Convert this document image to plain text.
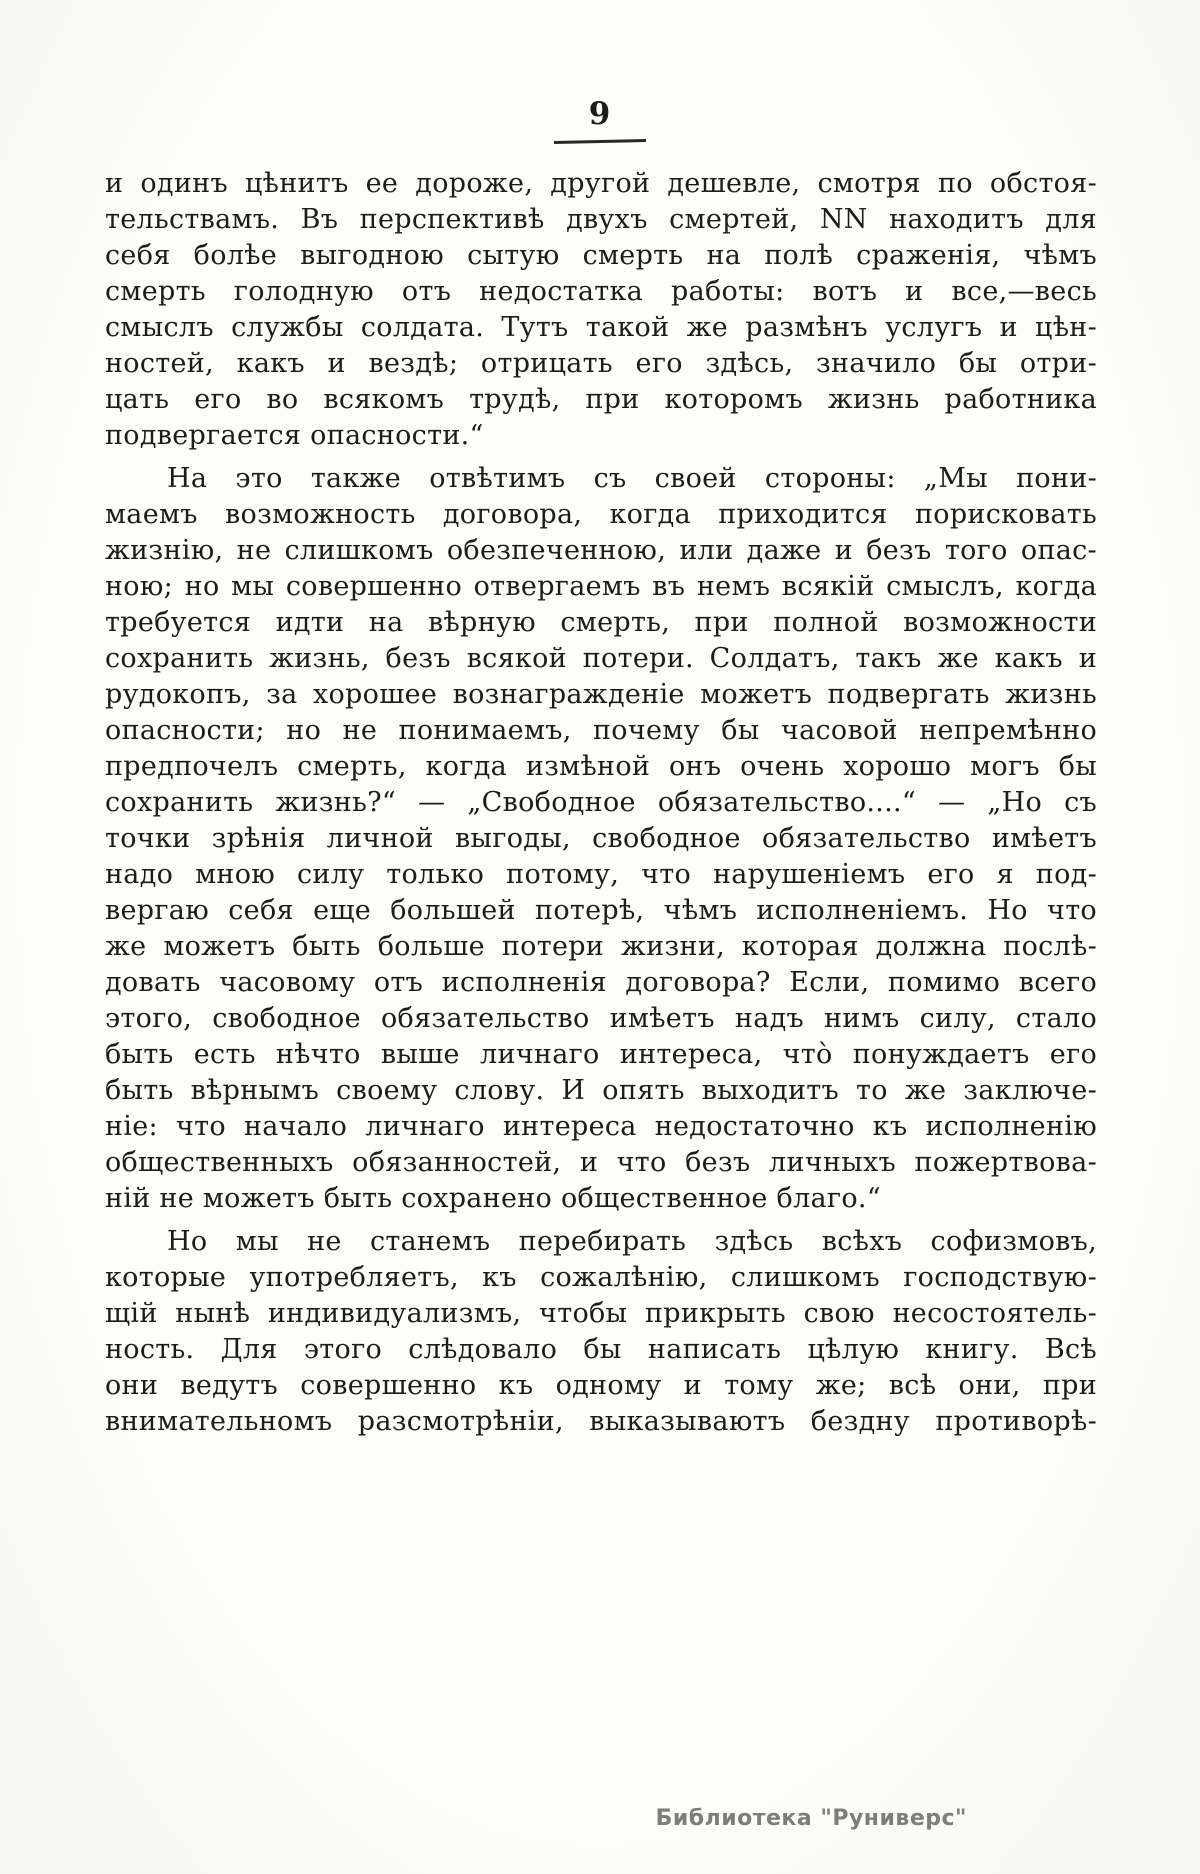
9
и одинъ цѣнитъ ее дороже, другой дешевле, смотря по обстоя-
тельствамъ. Въ перспективѣ двухъ смертей, NN находитъ для
себя болѣе выгодною сытую смерть на полѣ сраженія, чѣмъ
смерть голодную отъ недостатка работы: вотъ и все,—весь
смыслъ службы солдата. Тутъ такой же размѣнъ услугъ и цѣн-
ностей, какъ и вездѣ; отрицать его здѣсь, значило бы отри-
цать его во всякомъ трудѣ, при которомъ жизнь работника
подвергается опасности.“
На это также отвѣтимъ съ своей стороны: „Мы пони-
маемъ возможность договора, когда приходится порисковать
жизнію, не слишкомъ обезпеченною, или даже и безъ того опас-
ною; но мы совершенно отвергаемъ въ немъ всякій смыслъ, когда
требуется идти на вѣрную смерть, при полной возможности
сохранить жизнь, безъ всякой потери. Солдатъ, такъ же какъ и
рудокопъ, за хорошее вознагражденіе можетъ подвергать жизнь
опасности; но не понимаемъ, почему бы часовой непремѣнно
предпочелъ смерть, когда измѣной онъ очень хорошо могъ бы
сохранить жизнь?“ — „Свободное обязательство....“ — „Но съ
точки зрѣнія личной выгоды, свободное обязательство имѣетъ
надо мною силу только потому, что нарушеніемъ его я под-
вергаю себя еще большей потерѣ, чѣмъ исполненіемъ. Но что
же можетъ быть больше потери жизни, которая должна послѣ-
довать часовому отъ исполненія договора? Если, помимо всего
этого, свободное обязательство имѣетъ надъ нимъ силу, стало
быть есть нѣчто выше личнаго интереса, что̀ понуждаетъ его
быть вѣрнымъ своему слову. И опять выходитъ то же заключе-
ніе: что начало личнаго интереса недостаточно къ исполненію
общественныхъ обязанностей, и что безъ личныхъ пожертвова-
ній не можетъ быть сохранено общественное благо.“
Но мы не станемъ перебирать здѣсь всѣхъ софизмовъ,
которые употребляетъ, къ сожалѣнію, слишкомъ господствую-
щій нынѣ индивидуализмъ, чтобы прикрыть свою несостоятель-
ность. Для этого слѣдовало бы написать цѣлую книгу. Всѣ
они ведутъ совершенно къ одному и тому же; всѣ они, при
внимательномъ разсмотрѣніи, выказываютъ бездну противорѣ-
Библиотека "Руниверс"
